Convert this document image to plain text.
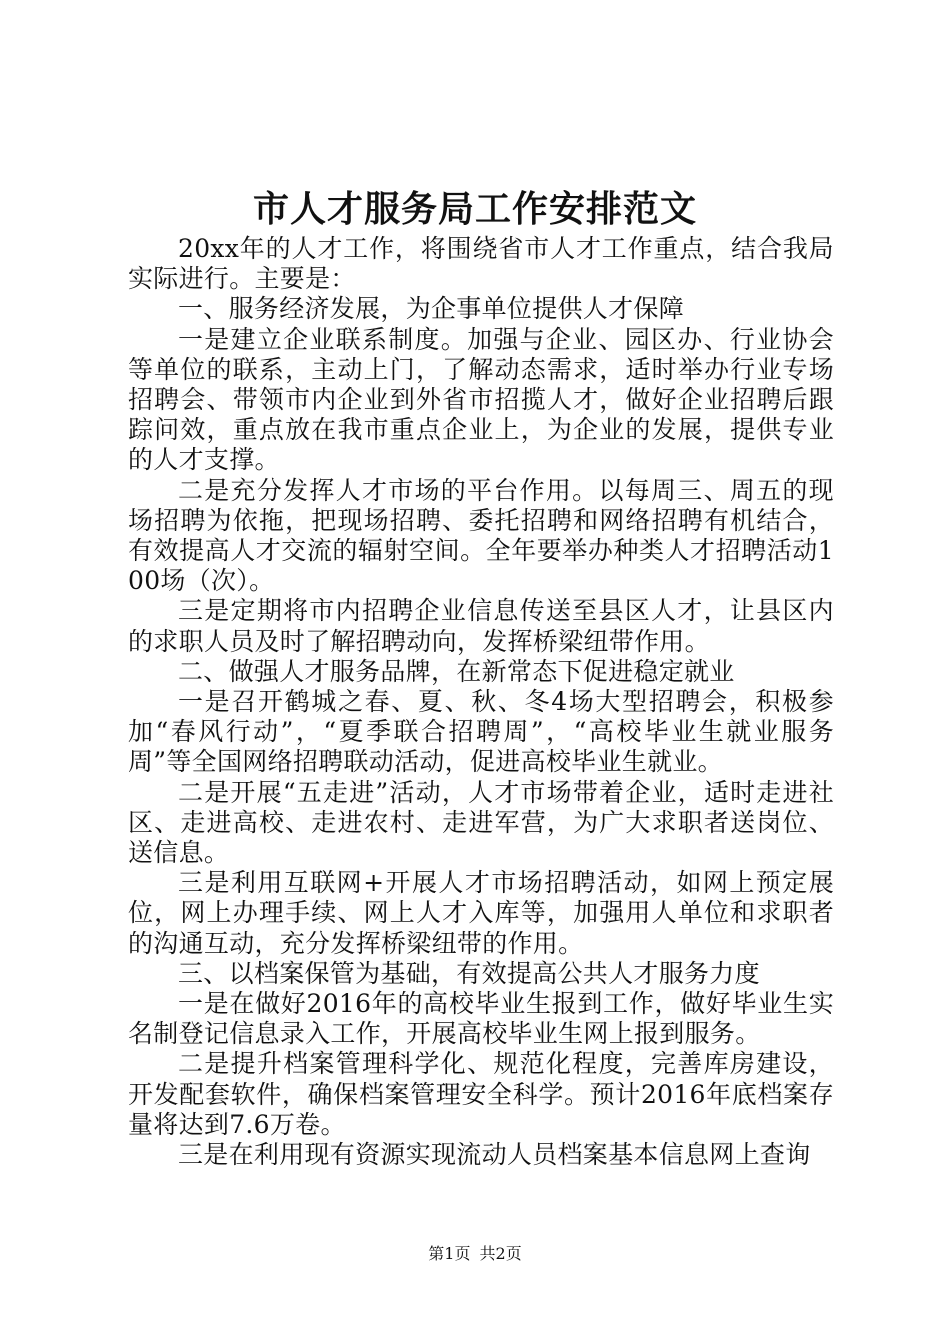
市人才服务局工作安排范文

20xx年的人才工作，将围绕省市人才工作重点，结合我局实际进行。主要是：

一、服务经济发展，为企事单位提供人才保障

一是建立企业联系制度。加强与企业、园区办、行业协会等单位的联系，主动上门，了解动态需求，适时举办行业专场招聘会、带领市内企业到外省市招揽人才，做好企业招聘后跟踪问效，重点放在我市重点企业上，为企业的发展，提供专业的人才支撑。

二是充分发挥人才市场的平台作用。以每周三、周五的现场招聘为依拖，把现场招聘、委托招聘和网络招聘有机结合，有效提高人才交流的辐射空间。全年要举办种类人才招聘活动100场（次）。

三是定期将市内招聘企业信息传送至县区人才，让县区内的求职人员及时了解招聘动向，发挥桥梁纽带作用。

二、做强人才服务品牌，在新常态下促进稳定就业

一是召开鹤城之春、夏、秋、冬4场大型招聘会，积极参加“春风行动”，“夏季联合招聘周”，“高校毕业生就业服务周”等全国网络招聘联动活动，促进高校毕业生就业。

二是开展“五走进”活动，人才市场带着企业，适时走进社区、走进高校、走进农村、走进军营，为广大求职者送岗位、送信息。

三是利用互联网+开展人才市场招聘活动，如网上预定展位，网上办理手续、网上人才入库等，加强用人单位和求职者的沟通互动，充分发挥桥梁纽带的作用。

三、以档案保管为基础，有效提高公共人才服务力度

一是在做好2016年的高校毕业生报到工作，做好毕业生实名制登记信息录入工作，开展高校毕业生网上报到服务。

二是提升档案管理科学化、规范化程度，完善库房建设，开发配套软件，确保档案管理安全科学。预计2016年底档案存量将达到7.6万卷。

三是在利用现有资源实现流动人员档案基本信息网上查询

第1页 共2页
